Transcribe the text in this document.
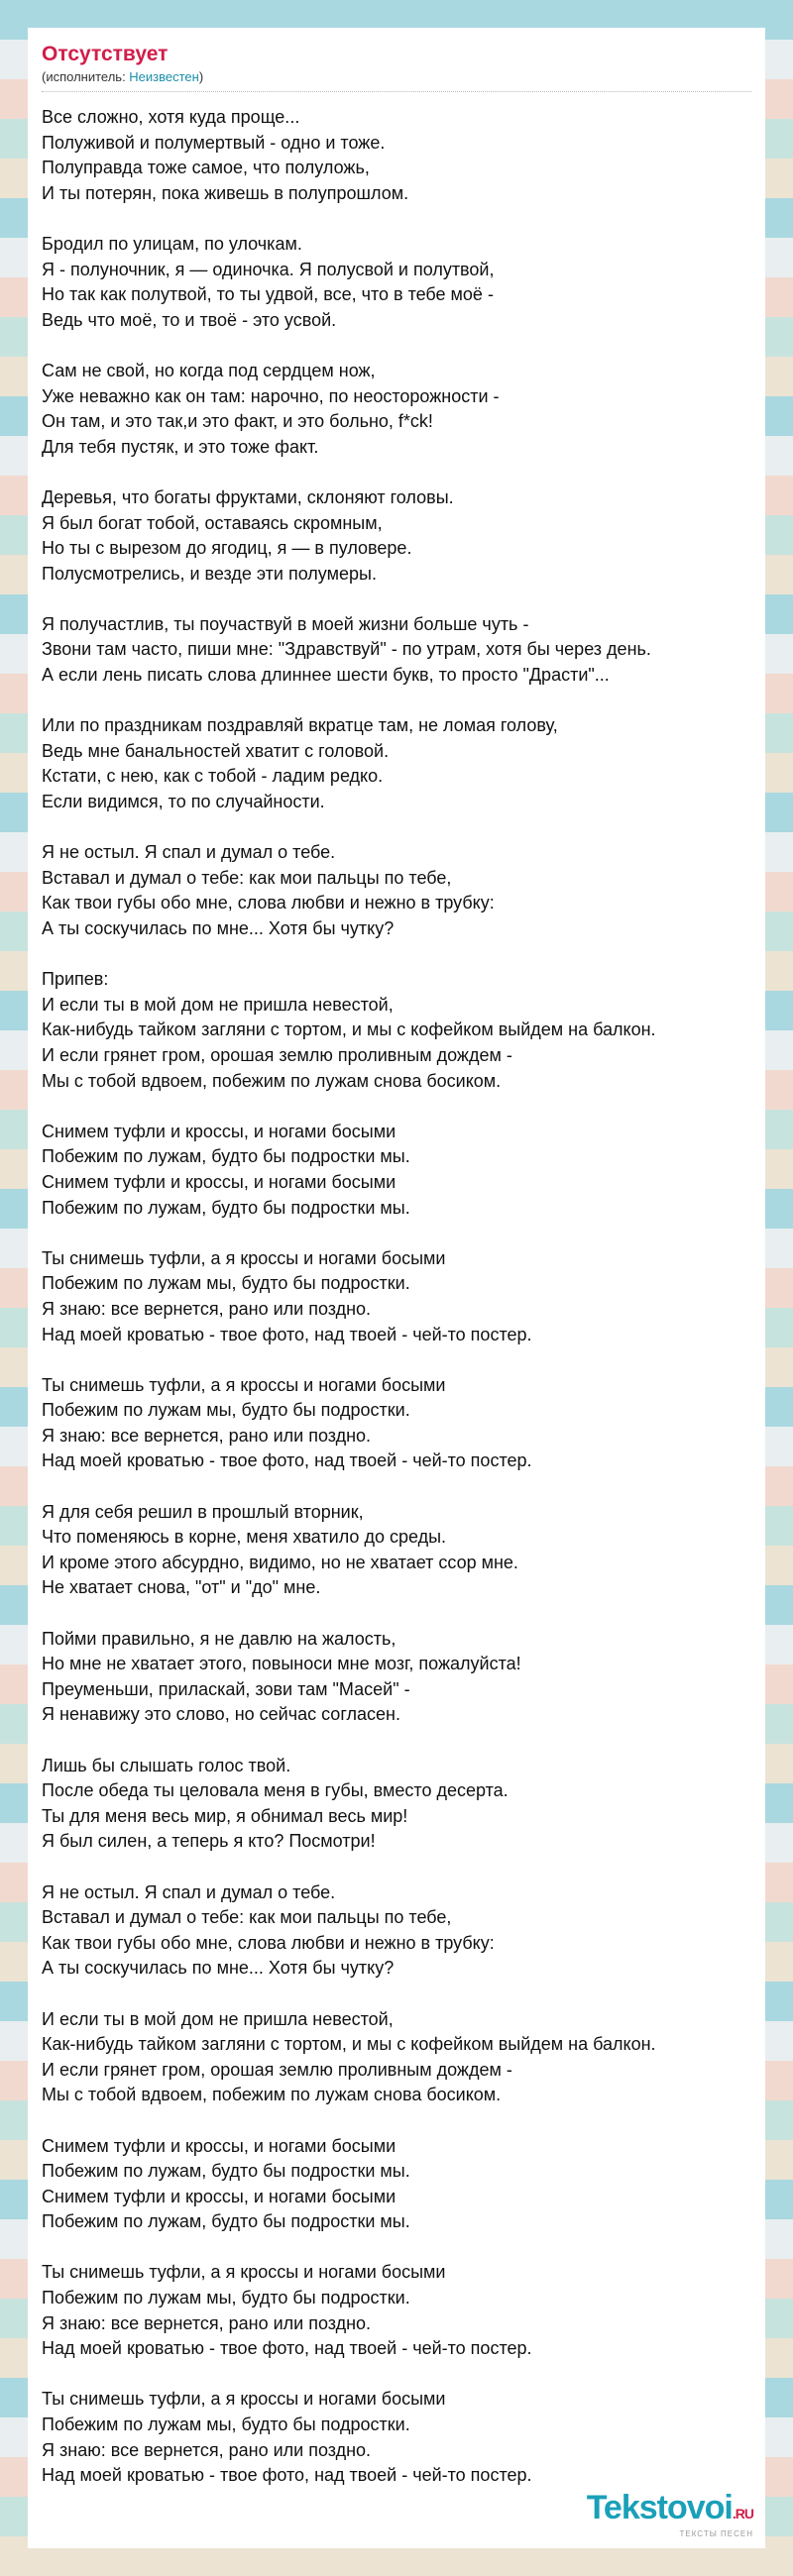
Отсутствует
(исполнитель: Неизвестен)
Все сложно, хотя куда проще...
Полуживой и полумертвый - одно и тоже.
Полуправда тоже самое, что полуложь,
И ты потерян, пока живешь в полупрошлом.
Бродил по улицам, по улочкам.
Я - полуночник, я — одиночка. Я полусвой и полутвой,
Но так как полутвой, то ты удвой, все, что в тебе моё -
Ведь что моё, то и твоё - это усвой.
Сам не свой, но когда под сердцем нож,
Уже неважно как он там: нарочно, по неосторожности -
Он там, и это так,и это факт, и это больно, f*ck!
Для тебя пустяк, и это тоже факт.
Деревья, что богаты фруктами, склоняют головы.
Я был богат тобой, оставаясь скромным,
Но ты с вырезом до ягодиц, я — в пуловере.
Полусмотрелись, и везде эти полумеры.
Я получастлив, ты поучаствуй в моей жизни больше чуть -
Звони там часто, пиши мне: "Здравствуй" - по утрам, хотя бы через день.
А если лень писать слова длиннее шести букв, то просто "Драсти"...
Или по праздникам поздравляй вкратце там, не ломая голову,
Ведь мне банальностей хватит с головой.
Кстати, с нею, как с тобой - ладим редко.
Если видимся, то по случайности.
Я не остыл. Я спал и думал о тебе.
Вставал и думал о тебе: как мои пальцы по тебе,
Как твои губы обо мне, слова любви и нежно в трубку:
А ты соскучилась по мне... Хотя бы чутку?
Припев:
И если ты в мой дом не пришла невестой,
Как-нибудь тайком загляни с тортом, и мы с кофейком выйдем на балкон.
И если грянет гром, орошая землю проливным дождем -
Мы с тобой вдвоем, побежим по лужам снова босиком.
Снимем туфли и кроссы, и ногами босыми
Побежим по лужам, будто бы подростки мы.
Снимем туфли и кроссы, и ногами босыми
Побежим по лужам, будто бы подростки мы.
Ты снимешь туфли, а я кроссы и ногами босыми
Побежим по лужам мы, будто бы подростки.
Я знаю: все вернется, рано или поздно.
Над моей кроватью - твое фото, над твоей - чей-то постер.
Ты снимешь туфли, а я кроссы и ногами босыми
Побежим по лужам мы, будто бы подростки.
Я знаю: все вернется, рано или поздно.
Над моей кроватью - твое фото, над твоей - чей-то постер.
Я для себя решил в прошлый вторник,
Что поменяюсь в корне, меня хватило до среды.
И кроме этого абсурдно, видимо, но не хватает ссор мне.
Не хватает снова, "от" и "до" мне.
Пойми правильно, я не давлю на жалость,
Но мне не хватает этого, повыноси мне мозг, пожалуйста!
Преуменьши, приласкай, зови там "Масей" -
Я ненавижу это слово, но сейчас согласен.
Лишь бы слышать голос твой.
После обеда ты целовала меня в губы, вместо десерта.
Ты для меня весь мир, я обнимал весь мир!
Я был силен, а теперь я кто? Посмотри!
Я не остыл. Я спал и думал о тебе.
Вставал и думал о тебе: как мои пальцы по тебе,
Как твои губы обо мне, слова любви и нежно в трубку:
А ты соскучилась по мне... Хотя бы чутку?
И если ты в мой дом не пришла невестой,
Как-нибудь тайком загляни с тортом, и мы с кофейком выйдем на балкон.
И если грянет гром, орошая землю проливным дождем -
Мы с тобой вдвоем, побежим по лужам снова босиком.
Снимем туфли и кроссы, и ногами босыми
Побежим по лужам, будто бы подростки мы.
Снимем туфли и кроссы, и ногами босыми
Побежим по лужам, будто бы подростки мы.
Ты снимешь туфли, а я кроссы и ногами босыми
Побежим по лужам мы, будто бы подростки.
Я знаю: все вернется, рано или поздно.
Над моей кроватью - твое фото, над твоей - чей-то постер.
Ты снимешь туфли, а я кроссы и ногами босыми
Побежим по лужам мы, будто бы подростки.
Я знаю: все вернется, рано или поздно.
Над моей кроватью - твое фото, над твоей - чей-то постер.
Tekstovoi.RU
ТЕКСТЫ ПЕСЕН
